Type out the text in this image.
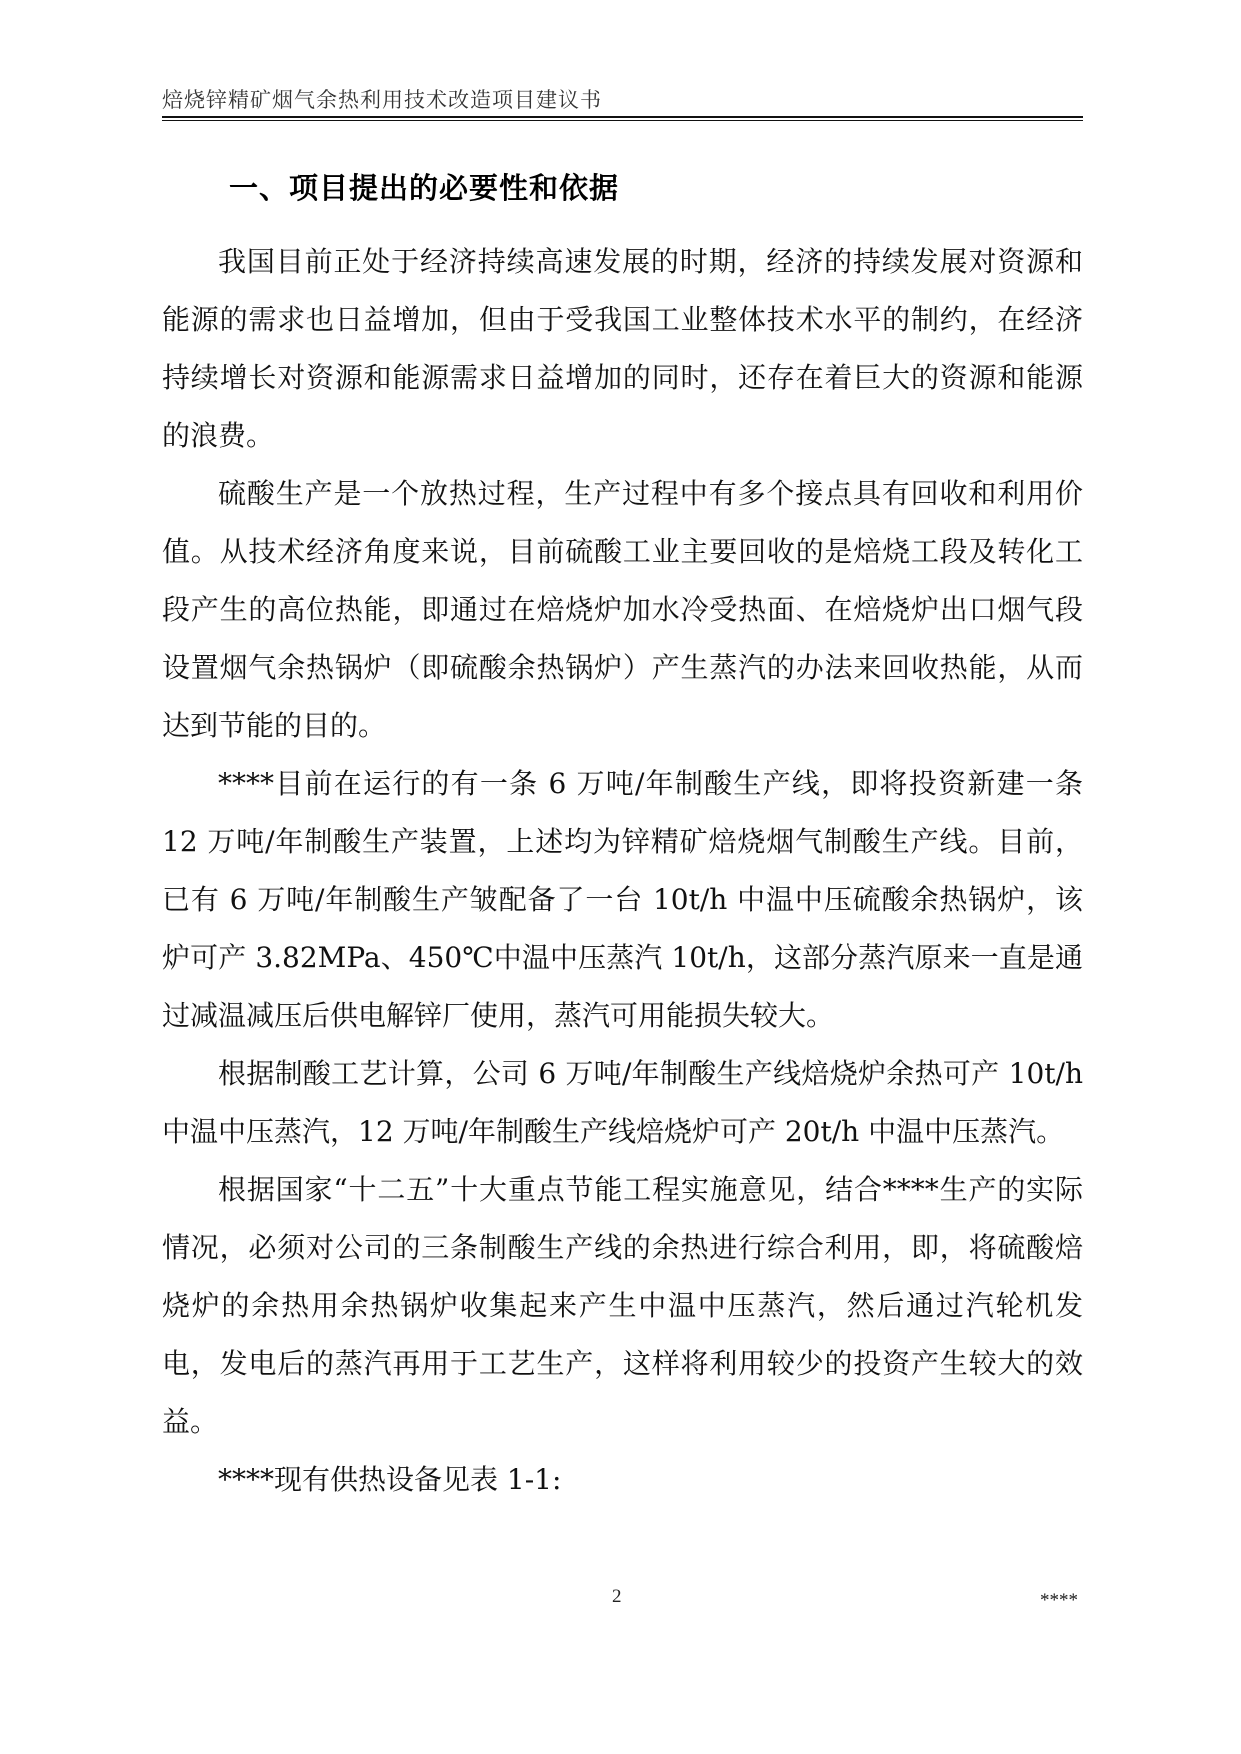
焙烧锌精矿烟气余热利用技术改造项目建议书
一、项目提出的必要性和依据

我国目前正处于经济持续高速发展的时期，经济的持续发展对资源和能源的需求也日益增加，但由于受我国工业整体技术水平的制约，在经济持续增长对资源和能源需求日益增加的同时，还存在着巨大的资源和能源的浪费。

硫酸生产是一个放热过程，生产过程中有多个接点具有回收和利用价值。从技术经济角度来说，目前硫酸工业主要回收的是焙烧工段及转化工段产生的高位热能，即通过在焙烧炉加水冷受热面、在焙烧炉出口烟气段设置烟气余热锅炉（即硫酸余热锅炉）产生蒸汽的办法来回收热能，从而达到节能的目的。

****目前在运行的有一条 6 万吨/年制酸生产线，即将投资新建一条 12 万吨/年制酸生产装置，上述均为锌精矿焙烧烟气制酸生产线。目前，已有 6 万吨/年制酸生产皱配备了一台 10t/h 中温中压硫酸余热锅炉，该炉可产 3.82MPa、450℃中温中压蒸汽 10t/h，这部分蒸汽原来一直是通过减温减压后供电解锌厂使用，蒸汽可用能损失较大。

根据制酸工艺计算，公司 6 万吨/年制酸生产线焙烧炉余热可产 10t/h 中温中压蒸汽，12 万吨/年制酸生产线焙烧炉可产 20t/h 中温中压蒸汽。

根据国家“十二五”十大重点节能工程实施意见，结合****生产的实际情况，必须对公司的三条制酸生产线的余热进行综合利用，即，将硫酸焙烧炉的余热用余热锅炉收集起来产生中温中压蒸汽，然后通过汽轮机发电，发电后的蒸汽再用于工艺生产，这样将利用较少的投资产生较大的效益。

****现有供热设备见表 1-1:

2	****
